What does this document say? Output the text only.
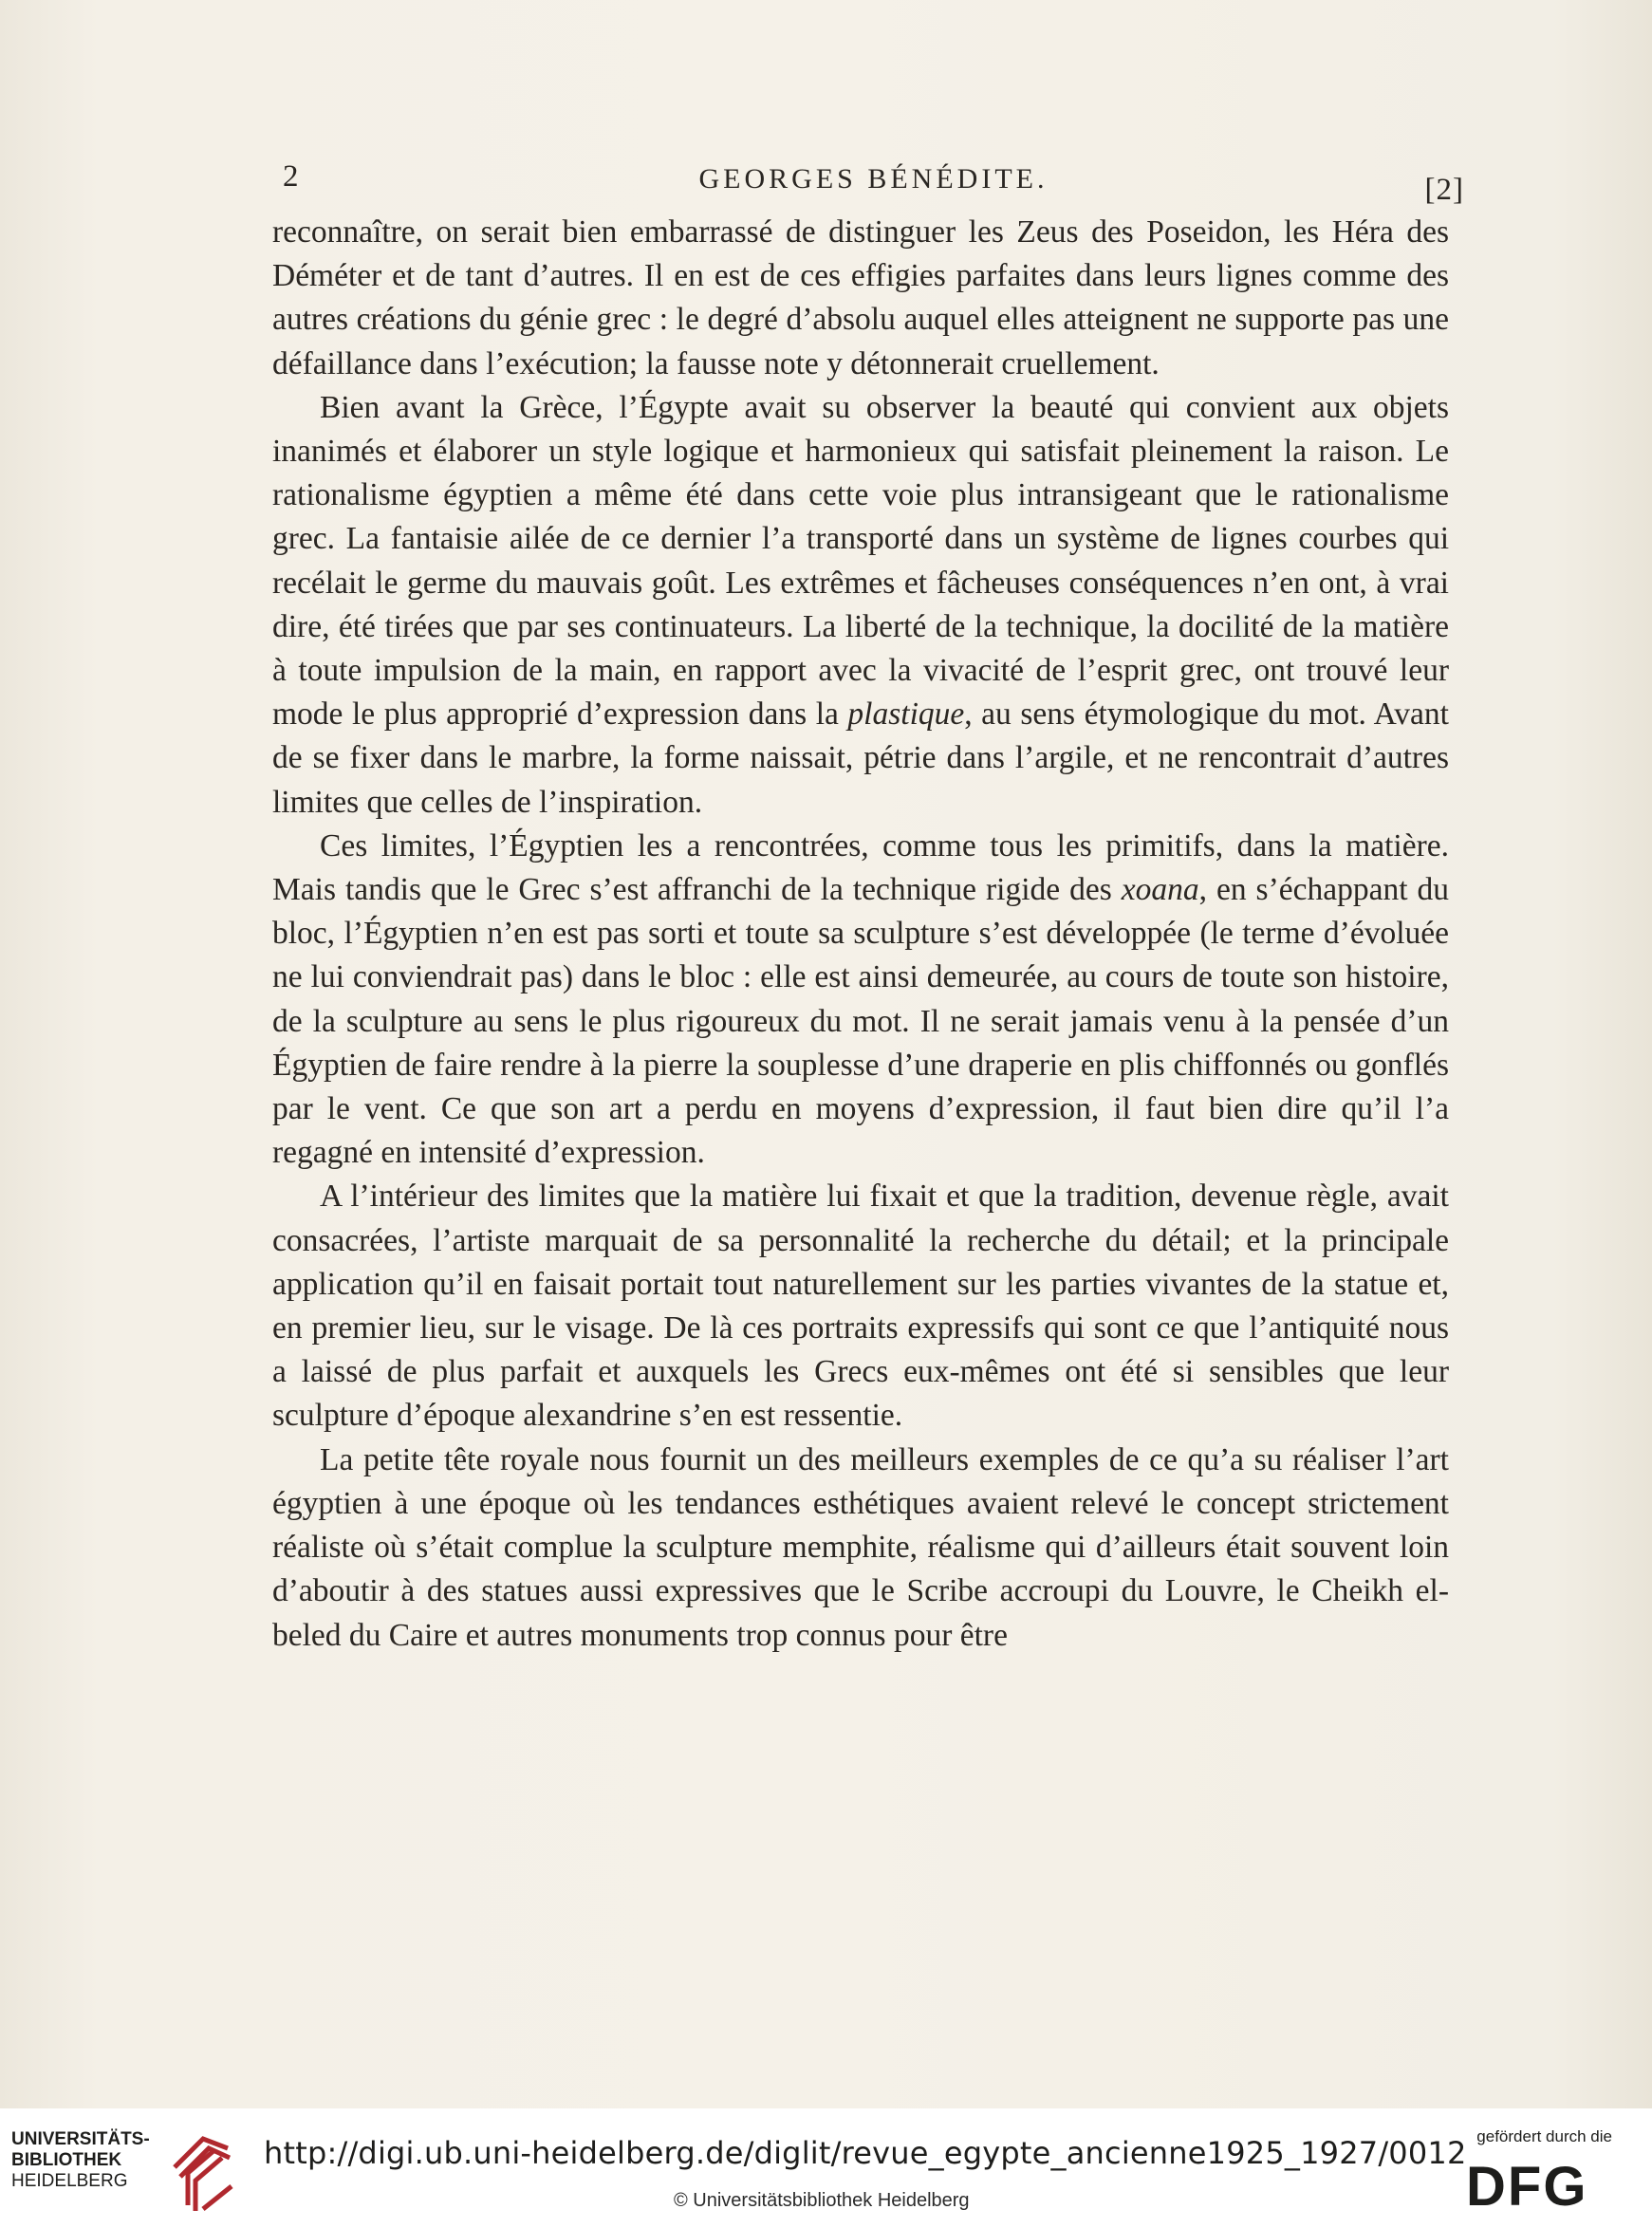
2	GEORGES BÉNÉDITE.	[2]

reconnaître, on serait bien embarrassé de distinguer les Zeus des Poseidon, les Héra des Déméter et de tant d’autres. Il en est de ces effigies parfaites dans leurs lignes comme des autres créations du génie grec : le degré d’absolu auquel elles atteignent ne supporte pas une défaillance dans l’exécution; la fausse note y détonnerait cruellement.

Bien avant la Grèce, l’Égypte avait su observer la beauté qui convient aux objets inanimés et élaborer un style logique et harmonieux qui satisfait pleinement la raison. Le rationalisme égyptien a même été dans cette voie plus intransigeant que le rationalisme grec. La fantaisie ailée de ce dernier l’a transporté dans un système de lignes courbes qui recélait le germe du mauvais goût. Les extrêmes et fâcheuses conséquences n’en ont, à vrai dire, été tirées que par ses continuateurs. La liberté de la technique, la docilité de la matière à toute impulsion de la main, en rapport avec la vivacité de l’esprit grec, ont trouvé leur mode le plus approprié d’expression dans la plastique, au sens étymologique du mot. Avant de se fixer dans le marbre, la forme naissait, pétrie dans l’argile, et ne rencontrait d’autres limites que celles de l’inspiration.

Ces limites, l’Égyptien les a rencontrées, comme tous les primitifs, dans la matière. Mais tandis que le Grec s’est affranchi de la technique rigide des xoana, en s’échappant du bloc, l’Égyptien n’en est pas sorti et toute sa sculpture s’est développée (le terme d’évoluée ne lui conviendrait pas) dans le bloc : elle est ainsi demeurée, au cours de toute son histoire, de la sculpture au sens le plus rigoureux du mot. Il ne serait jamais venu à la pensée d’un Égyptien de faire rendre à la pierre la souplesse d’une draperie en plis chiffonnés ou gonflés par le vent. Ce que son art a perdu en moyens d’expression, il faut bien dire qu’il l’a regagné en intensité d’expression.

A l’intérieur des limites que la matière lui fixait et que la tradition, devenue règle, avait consacrées, l’artiste marquait de sa personnalité la recherche du détail; et la principale application qu’il en faisait portait tout naturellement sur les parties vivantes de la statue et, en premier lieu, sur le visage. De là ces portraits expressifs qui sont ce que l’antiquité nous a laissé de plus parfait et auxquels les Grecs eux-mêmes ont été si sensibles que leur sculpture d’époque alexandrine s’en est ressentie.

La petite tête royale nous fournit un des meilleurs exemples de ce qu’a su réaliser l’art égyptien à une époque où les tendances esthétiques avaient relevé le concept strictement réaliste où s’était complue la sculpture memphite, réalisme qui d’ailleurs était souvent loin d’aboutir à des statues aussi expressives que le Scribe accroupi du Louvre, le Cheikh el-beled du Caire et autres monuments trop connus pour être

UNIVERSITÄTS-
BIBLIOTHEK
HEIDELBERG
http://digi.ub.uni-heidelberg.de/diglit/revue_egypte_ancienne1925_1927/0012
© Universitätsbibliothek Heidelberg
gefördert durch die
DFG
